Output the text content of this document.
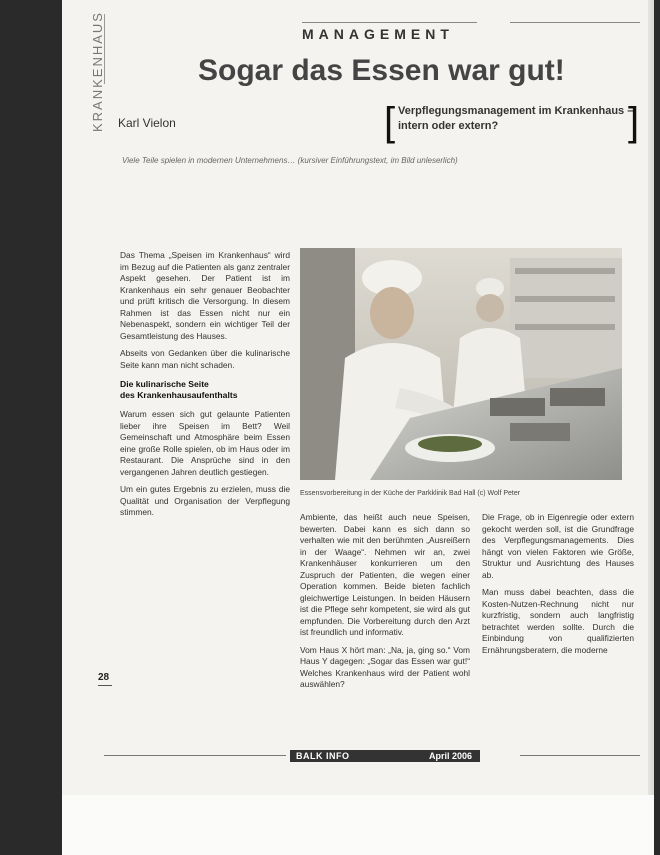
KRANKENHAUS	MANAGEMENT
Sogar das Essen war gut!
Karl Vielon	[ Verpflegungsmanagement im Krankenhaus –
intern oder extern?	]
Viele Teile spielen in modernen Unternehmens… (kursiver Einführungstext, im Bild unleserlich)

Das Thema „Speisen im Krankenhaus“ wird im Bezug auf die Patienten als ganz zentraler Aspekt gesehen. Der Patient ist im Krankenhaus ein sehr genauer Beobachter und prüft kritisch die Versorgung. In diesem Rahmen ist das Essen nicht nur ein Nebenaspekt, sondern ein wichtiger Teil der Gesamtleistung des Hauses.

Abseits von Gedanken über die kulinarische Seite kann man nicht schaden.

Die kulinarische Seite
des Krankenhausaufenthalts

Warum essen sich gut gelaunte Patienten lieber ihre Speisen im Bett? Weil Gemeinschaft und Atmosphäre beim Essen eine große Rolle spielen, ob im Haus oder im Restaurant. Die Ansprüche sind in den vergangenen Jahren deutlich gestiegen.

Um ein gutes Ergebnis zu erzielen, muss die Qualität und Organisation der Verpflegung stimmen.

Essensvorbereitung in der Küche der Parkklinik Bad Hall (c) Wolf Peter

Ambiente, das heißt auch neue Speisen, bewerten. Dabei kann es sich dann so verhalten wie mit den berühmten „Ausreißern in der Waage“. Nehmen wir an, zwei Krankenhäuser konkurrieren um den Zuspruch der Patienten, die wegen einer Operation kommen. Beide bieten fachlich gleichwertige Leistungen. In beiden Häusern ist die Pflege sehr kompetent, sie wird als gut empfunden. Die Vorbereitung durch den Arzt ist freundlich und informativ.

Vom Haus X hört man: „Na, ja, ging so.“ Vom Haus Y dagegen: „Sogar das Essen war gut!“ Welches Krankenhaus wird der Patient wohl auswählen?

Die Frage, ob in Eigenregie oder extern gekocht werden soll, ist die Grundfrage des Verpflegungsmanagements. Dies hängt von vielen Faktoren wie Größe, Struktur und Ausrichtung des Hauses ab.

Man muss dabei beachten, dass die Kosten-Nutzen-Rechnung nicht nur kurzfristig, sondern auch langfristig betrachtet werden sollte. Durch die Einbindung von qualifizierten Ernährungsberatern, die moderne

28
BALK INFO	April 2006
